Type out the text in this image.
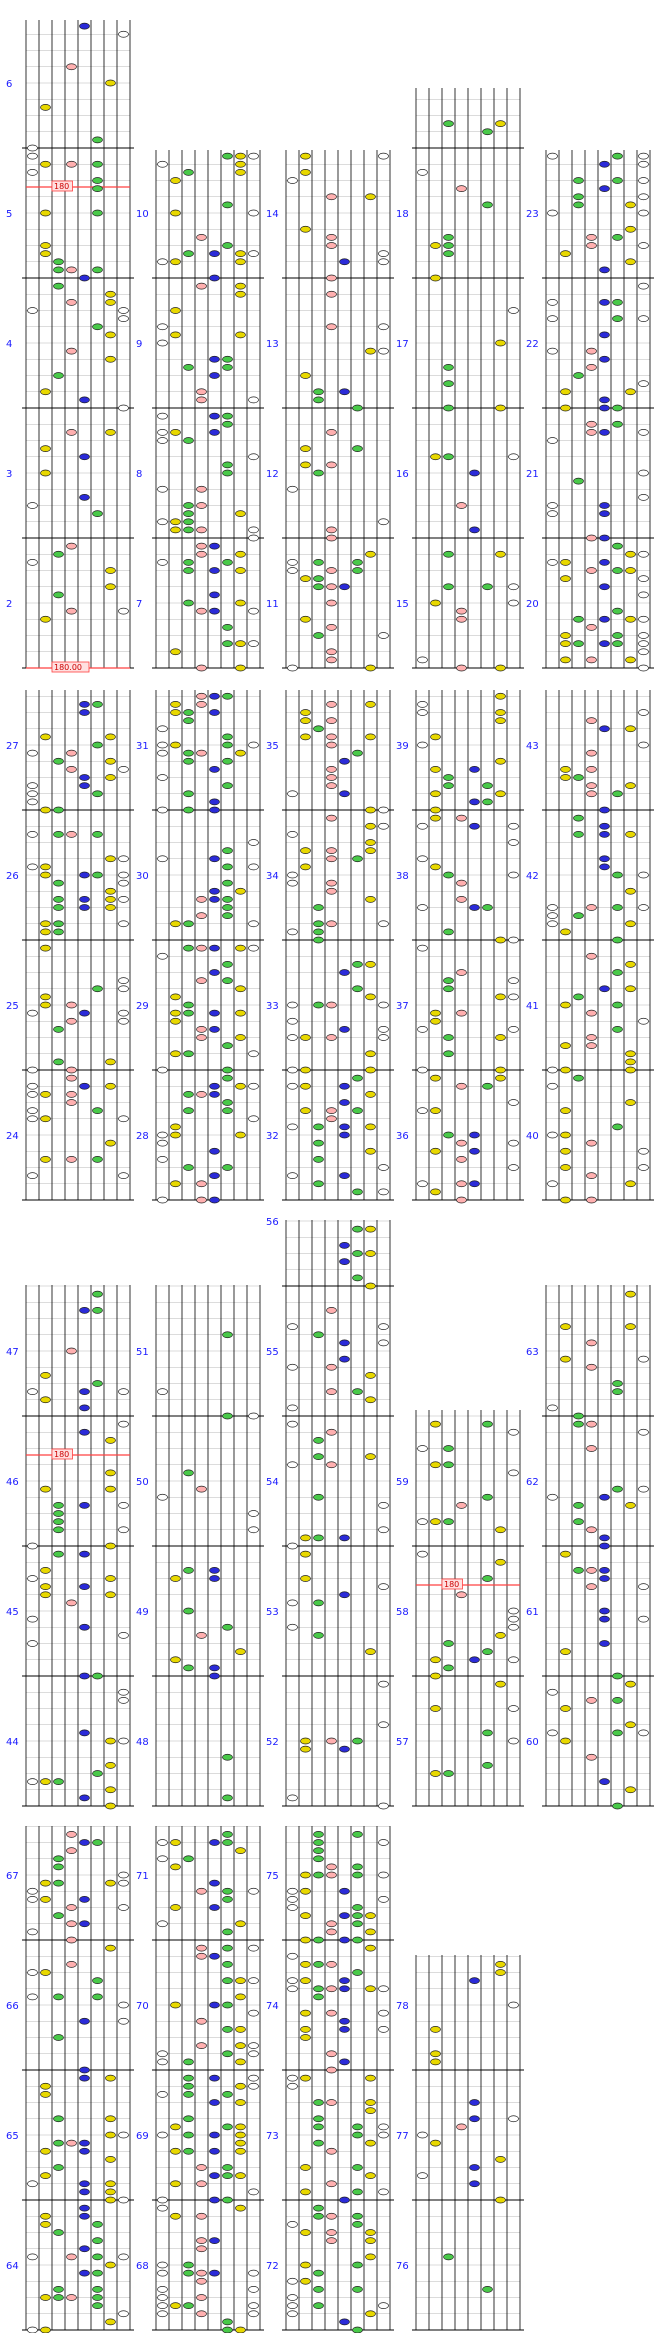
2
3
4
5
6
180
180.00
7
8
9
10
11
12
13
14
15
16
17
18
20
21
22
23
24
25
26
27
28
29
30
31
32
33
34
35
36
37
38
39
40
41
42
43
44
45
46
47
180
48
49
50
51
52
53
54
55
56
57
58
59
180
60
61
62
63
64
65
66
67
68
69
70
71
72
73
74
75
76
77
78
